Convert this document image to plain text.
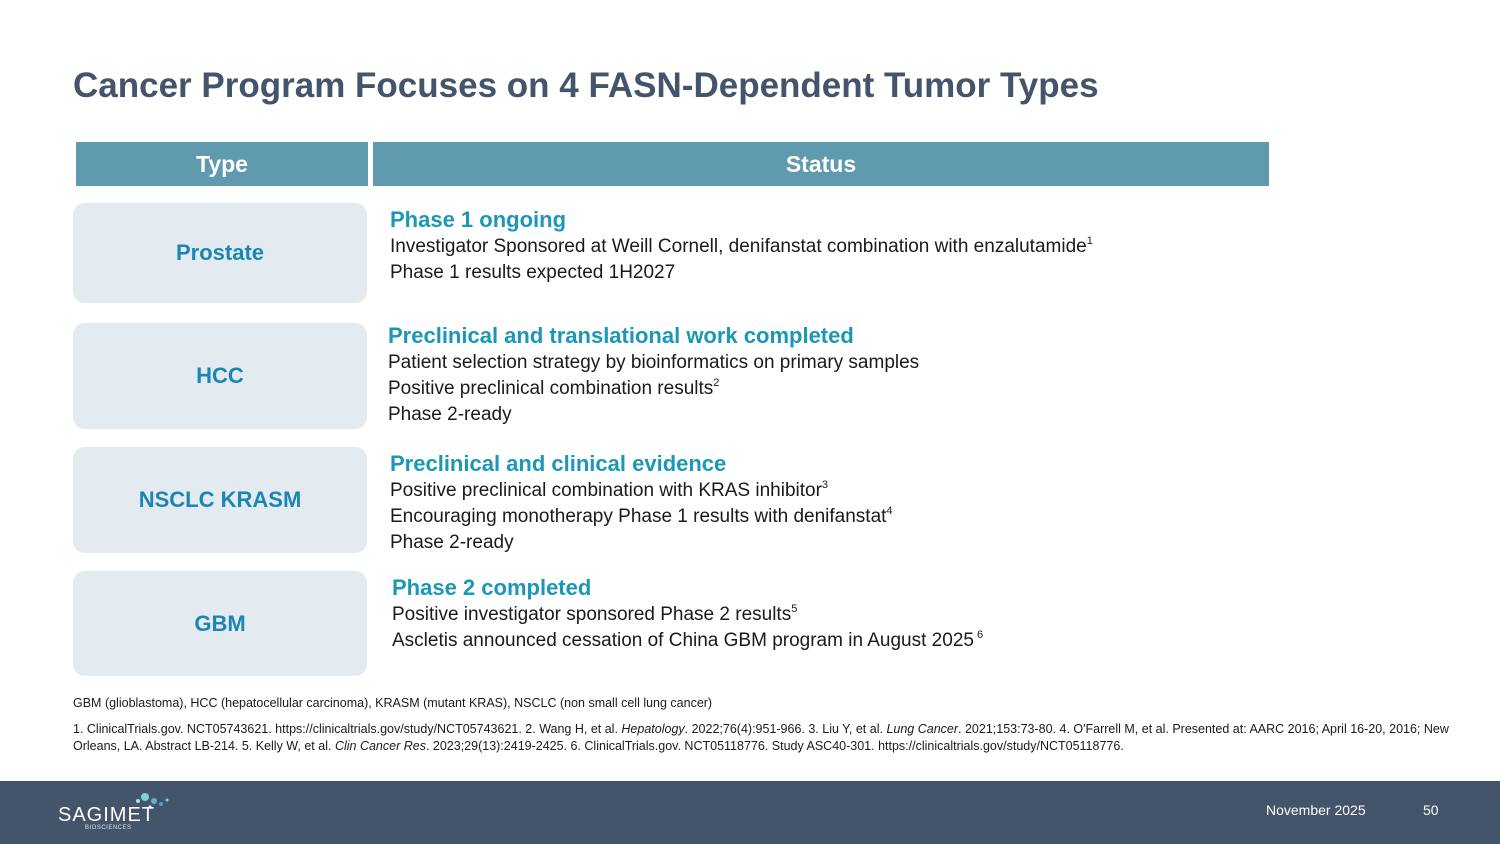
Cancer Program Focuses on 4 FASN-Dependent Tumor Types
Type	Status
Prostate
Phase 1 ongoing
Investigator Sponsored at Weill Cornell, denifanstat combination with enzalutamide$^1$
Phase 1 results expected 1H2027
HCC
Preclinical and translational work completed
Patient selection strategy by bioinformatics on primary samples
Positive preclinical combination results$^2$
Phase 2-ready
NSCLC KRASM
Preclinical and clinical evidence
Positive preclinical combination with KRAS inhibitor$^3$
Encouraging monotherapy Phase 1 results with denifanstat$^4$
Phase 2-ready
GBM
Phase 2 completed
Positive investigator sponsored Phase 2 results$^5$
Ascletis announced cessation of China GBM program in August 2025 $^6$
GBM (glioblastoma), HCC (hepatocellular carcinoma), KRASM (mutant KRAS), NSCLC (non small cell lung cancer)
1. ClinicalTrials.gov. NCT05743621. https://clinicaltrials.gov/study/NCT05743621. 2. Wang H, et al. Hepatology. 2022;76(4):951-966. 3. Liu Y, et al. Lung Cancer. 2021;153:73-80. 4. O'Farrell M, et al. Presented at: AARC 2016; April 16-20, 2016; New Orleans, LA. Abstract LB-214. 5. Kelly W, et al. Clin Cancer Res. 2023;29(13):2419-2425. 6. ClinicalTrials.gov. NCT05118776. Study ASC40-301. https://clinicaltrials.gov/study/NCT05118776.
SAGIMET
BIOSCIENCES
November 2025	50
